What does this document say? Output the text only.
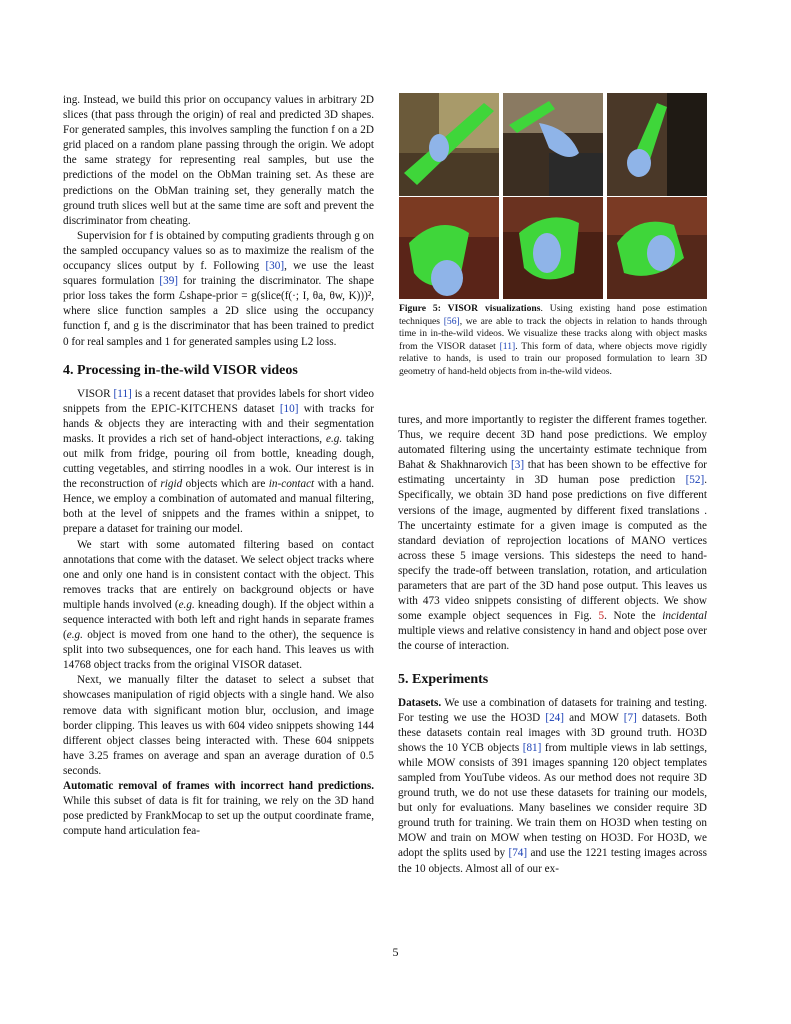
ing. Instead, we build this prior on occupancy values in arbitrary 2D slices (that pass through the origin) of real and predicted 3D shapes. For generated samples, this involves sampling the function f on a 2D grid placed on a random plane passing through the origin. We adopt the same strategy for representing real samples, but use the predictions of the model on the ObMan training set. As these are predictions on the ObMan training set, they generally match the ground truth slices well but at the same time are soft and prevent the discriminator from cheating.

Supervision for f is obtained by computing gradients through g on the sampled occupancy values so as to maximize the realism of the occupancy slices output by f. Following [30], we use the least squares formulation [39] for training the discriminator. The shape prior loss takes the form ℒshape-prior = g(slice(f(·; I, θa, θw, K)))², where slice function samples a 2D slice using the occupancy function f, and g is the discriminator that has been trained to predict 0 for real samples and 1 for generated samples using L2 loss.

4. Processing in-the-wild VISOR videos

VISOR [11] is a recent dataset that provides labels for short video snippets from the EPIC-KITCHENS dataset [10] with tracks for hands & objects they are interacting with and their segmentation masks. It provides a rich set of hand-object interactions, e.g. taking out milk from fridge, pouring oil from bottle, kneading dough, cutting vegetables, and stirring noodles in a wok. Our interest is in the reconstruction of rigid objects which are in-contact with a hand. Hence, we employ a combination of automated and manual filtering, both at the level of snippets and the frames within a snippet, to prepare a dataset for training our model.

We start with some automated filtering based on contact annotations that come with the dataset. We select object tracks where one and only one hand is in consistent contact with the object. This removes tracks that are entirely on background objects or have multiple hands involved (e.g. kneading dough). If the object within a sequence interacted with both left and right hands in separate frames (e.g. object is moved from one hand to the other), the sequence is split into two subsequences, one for each hand. This leaves us with 14768 object tracks from the original VISOR dataset.

Next, we manually filter the dataset to select a subset that showcases manipulation of rigid objects with a single hand. We also remove data with significant motion blur, occlusion, and image border clipping. This leaves us with 604 video snippets showing 144 different object classes being interacted with. These 604 snippets have 3.25 frames on average and span an average duration of 0.5 seconds.

Automatic removal of frames with incorrect hand predictions. While this subset of data is fit for training, we rely on the 3D hand pose predicted by FrankMocap to set up the output coordinate frame, compute hand articulation fea-

Figure 5: VISOR visualizations. Using existing hand pose estimation techniques [56], we are able to track the objects in relation to hands through time in in-the-wild videos. We visualize these tracks along with object masks from the VISOR dataset [11]. This form of data, where objects move rigidly relative to hands, is used to train our proposed formulation to learn 3D geometry of hand-held objects from in-the-wild videos.

tures, and more importantly to register the different frames together. Thus, we require decent 3D hand pose predictions. We employ automated filtering using the uncertainty estimate technique from Bahat & Shakhnarovich [3] that has been shown to be effective for estimating uncertainty in 3D human pose prediction [52]. Specifically, we obtain 3D hand pose predictions on five different versions of the image, augmented by different fixed translations . The uncertainty estimate for a given image is computed as the standard deviation of reprojection locations of MANO vertices across these 5 image versions. This sidesteps the need to hand-specify the trade-off between translation, rotation, and articulation parameters that are part of the 3D hand pose output. This leaves us with 473 video snippets consisting of different objects. We show some example object sequences in Fig. 5. Note the incidental multiple views and relative consistency in hand and object pose over the course of interaction.

5. Experiments

Datasets. We use a combination of datasets for training and testing. For testing we use the HO3D [24] and MOW [7] datasets. Both these datasets contain real images with 3D ground truth. HO3D shows the 10 YCB objects [81] from multiple views in lab settings, while MOW consists of 391 images spanning 120 object templates sampled from YouTube videos. As our method does not require 3D ground truth, we do not use these datasets for training our models, but only for evaluations. Many baselines we consider require 3D ground truth for training. We train them on HO3D when testing on MOW and train on MOW when testing on HO3D. For HO3D, we adopt the splits used by [74] and use the 1221 testing images across the 10 objects. Almost all of our ex-

5
